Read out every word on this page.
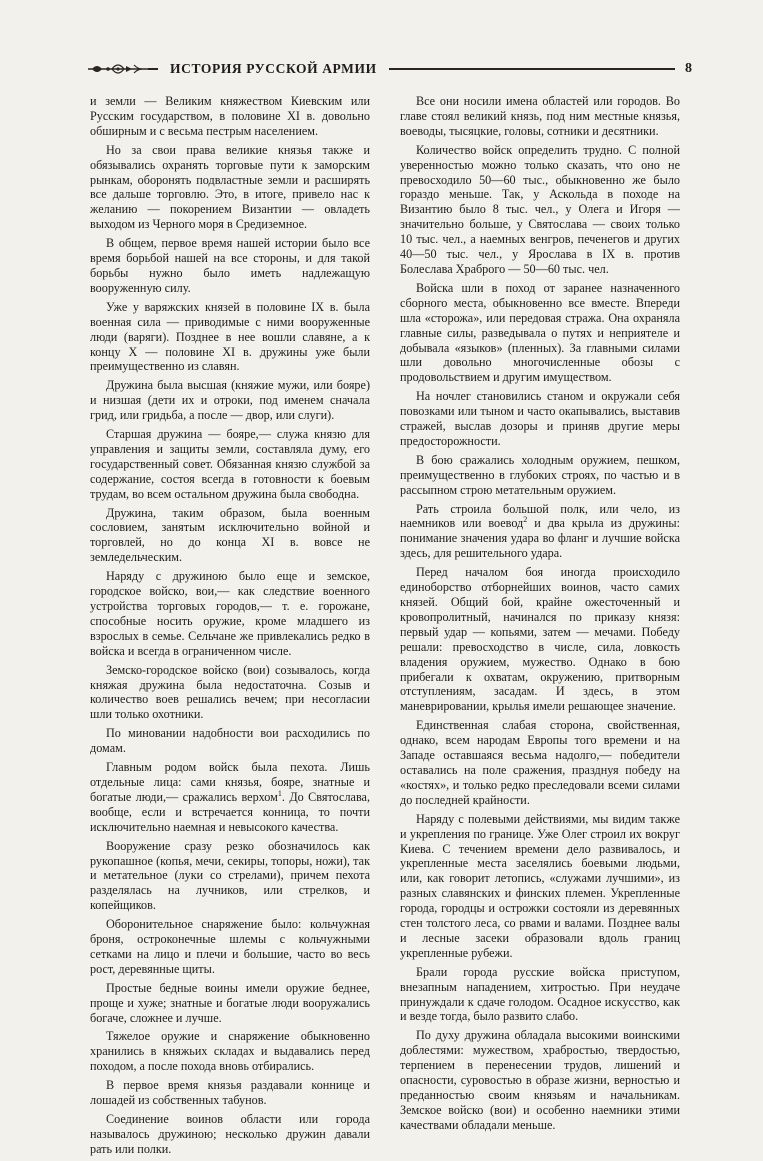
ИСТОРИЯ РУССКОЙ АРМИИ	8

и земли — Великим княжеством Киевским или Русским государством, в половине XI в. довольно обширным и с весьма пестрым населением.

Но за свои права великие князья также и обязывались охранять торговые пути к заморским рынкам, оборонять подвластные земли и расширять все дальше торговлю. Это, в итоге, привело нас к желанию — покорением Византии — овладеть выходом из Черного моря в Средиземное.

В общем, первое время нашей истории было все время борьбой нашей на все стороны, и для такой борьбы нужно было иметь надлежащую вооруженную силу.

Уже у варяжских князей в половине IX в. была военная сила — приводимые с ними вооруженные люди (варяги). Позднее в нее вошли славяне, а к концу X — половине XI в. дружины уже были преимущественно из славян.

Дружина была высшая (княжие мужи, или бояре) и низшая (дети их и отроки, под именем сначала грид, или гридьба, а после — двор, или слуги).

Старшая дружина — бояре,— служа князю для управления и защиты земли, составляла думу, его государственный совет. Обязанная князю службой за содержание, состоя всегда в готовности к боевым трудам, во всем остальном дружина была свободна.

Дружина, таким образом, была военным сословием, занятым исключительно войной и торговлей, но до конца XI в. вовсе не земледельческим.

Наряду с дружиною было еще и земское, городское войско, вои,— как следствие военного устройства торговых городов,— т. е. горожане, способные носить оружие, кроме младшего из взрослых в семье. Сельчане же привлекались редко в войска и всегда в ограниченном числе.

Земско-городское войско (вои) созывалось, когда княжая дружина была недостаточна. Созыв и количество воев решались вечем; при несогласии шли только охотники.

По миновании надобности вои расходились по домам.

Главным родом войск была пехота. Лишь отдельные лица: сами князья, бояре, знатные и богатые люди,— сражались верхом$^1$. До Святослава, вообще, если и встречается конница, то почти исключительно наемная и невысокого качества.

Вооружение сразу резко обозначилось как рукопашное (копья, мечи, секиры, топоры, ножи), так и метательное (луки со стрелами), причем пехота разделялась на лучников, или стрелков, и копейщиков.

Оборонительное снаряжение было: кольчужная броня, остроконечные шлемы с кольчужными сетками на лицо и плечи и большие, часто во весь рост, деревянные щиты.

Простые бедные воины имели оружие беднее, проще и хуже; знатные и богатые люди вооружались богаче, сложнее и лучше.

Тяжелое оружие и снаряжение обыкновенно хранились в княжьих складах и выдавались перед походом, а после похода вновь отбирались.

В первое время князья раздавали коннице и лошадей из собственных табунов.

Соединение воинов области или города называлось дружиною; несколько дружин давали рать или полки.

Все они носили имена областей или городов. Во главе стоял великий князь, под ним местные князья, воеводы, тысяцкие, головы, сотники и десятники.

Количество войск определить трудно. С полной уверенностью можно только сказать, что оно не превосходило 50—60 тыс., обыкновенно же было гораздо меньше. Так, у Аскольда в походе на Византию было 8 тыс. чел., у Олега и Игоря — значительно больше, у Святослава — своих только 10 тыс. чел., а наемных венгров, печенегов и других 40—50 тыс. чел., у Ярослава в IX в. против Болеслава Храброго — 50—60 тыс. чел.

Войска шли в поход от заранее назначенного сборного места, обыкновенно все вместе. Впереди шла «сторожа», или передовая стража. Она охраняла главные силы, разведывала о путях и неприятеле и добывала «языков» (пленных). За главными силами шли довольно многочисленные обозы с продовольствием и другим имуществом.

На ночлег становились станом и окружали себя повозками или тыном и часто окапывались, выставив стражей, выслав дозоры и приняв другие меры предосторожности.

В бою сражались холодным оружием, пешком, преимущественно в глубоких строях, по частью и в рассыпном строю метательным оружием.

Рать строила большой полк, или чело, из наемников или воевод$^2$ и два крыла из дружины: понимание значения удара во фланг и лучшие войска здесь, для решительного удара.

Перед началом боя иногда происходило единоборство отборнейших воинов, часто самих князей. Общий бой, крайне ожесточенный и кровопролитный, начинался по приказу князя: первый удар — копьями, затем — мечами. Победу решали: превосходство в числе, сила, ловкость владения оружием, мужество. Однако в бою прибегали к охватам, окружению, притворным отступлениям, засадам. И здесь, в этом маневрировании, крылья имели решающее значение.

Единственная слабая сторона, свойственная, однако, всем народам Европы того времени и на Западе оставшаяся весьма надолго,— победители оставались на поле сражения, празднуя победу на «костях», и только редко преследовали всеми силами до последней крайности.

Наряду с полевыми действиями, мы видим также и укрепления по границе. Уже Олег строил их вокруг Киева. С течением времени дело развивалось, и укрепленные места заселялись боевыми людьми, или, как говорит летопись, «служами лучшими», из разных славянских и финских племен. Укрепленные города, городцы и острожки состояли из деревянных стен толстого леса, со рвами и валами. Позднее валы и лесные засеки образовали вдоль границ укрепленные рубежи.

Брали города русские войска приступом, внезапным нападением, хитростью. При неудаче принуждали к сдаче голодом. Осадное искусство, как и везде тогда, было развито слабо.

По духу дружина обладала высокими воинскими доблестями: мужеством, храбростью, твердостью, терпением в перенесении трудов, лишений и опасности, суровостью в образе жизни, верностью и преданностью своим князьям и начальникам. Земское войско (вои) и особенно наемники этими качествами обладали меньше.
